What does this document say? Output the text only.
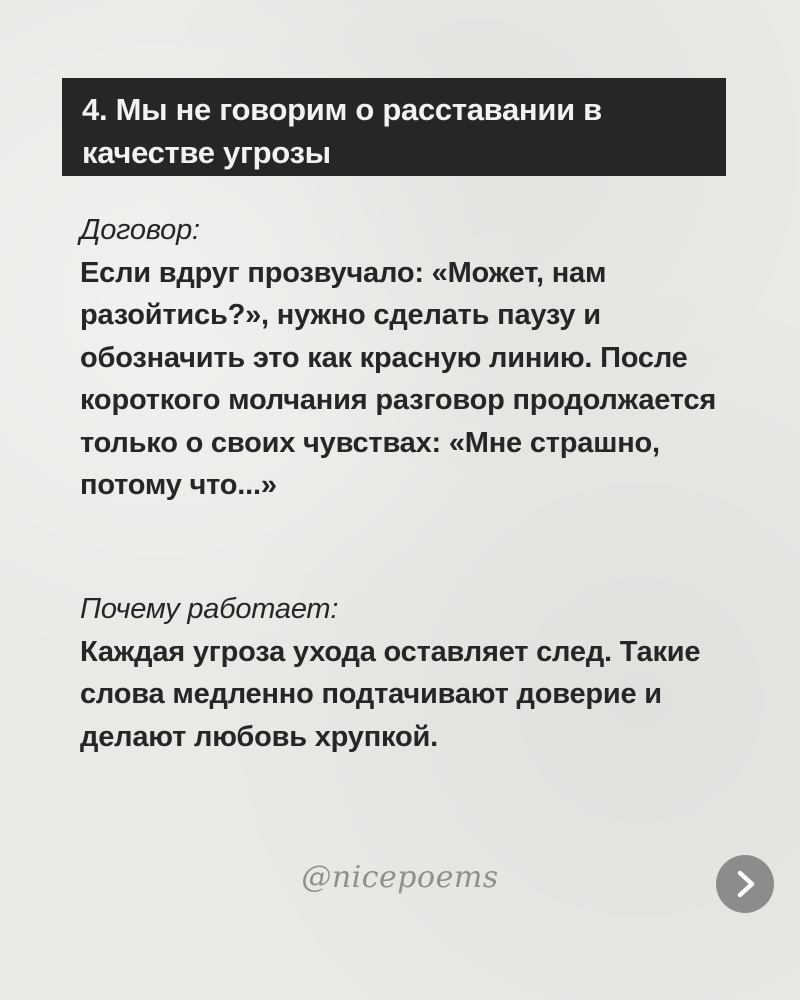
4. Мы не говорим о расставании в качестве угрозы

Договор:

Если вдруг прозвучало: «Может, нам разойтись?», нужно сделать паузу и обозначить это как красную линию. После короткого молчания разговор продолжается только о своих чувствах: «Мне страшно, потому что...»

Почему работает:

Каждая угроза ухода оставляет след. Такие слова медленно подтачивают доверие и делают любовь хрупкой.

@nicepoems
